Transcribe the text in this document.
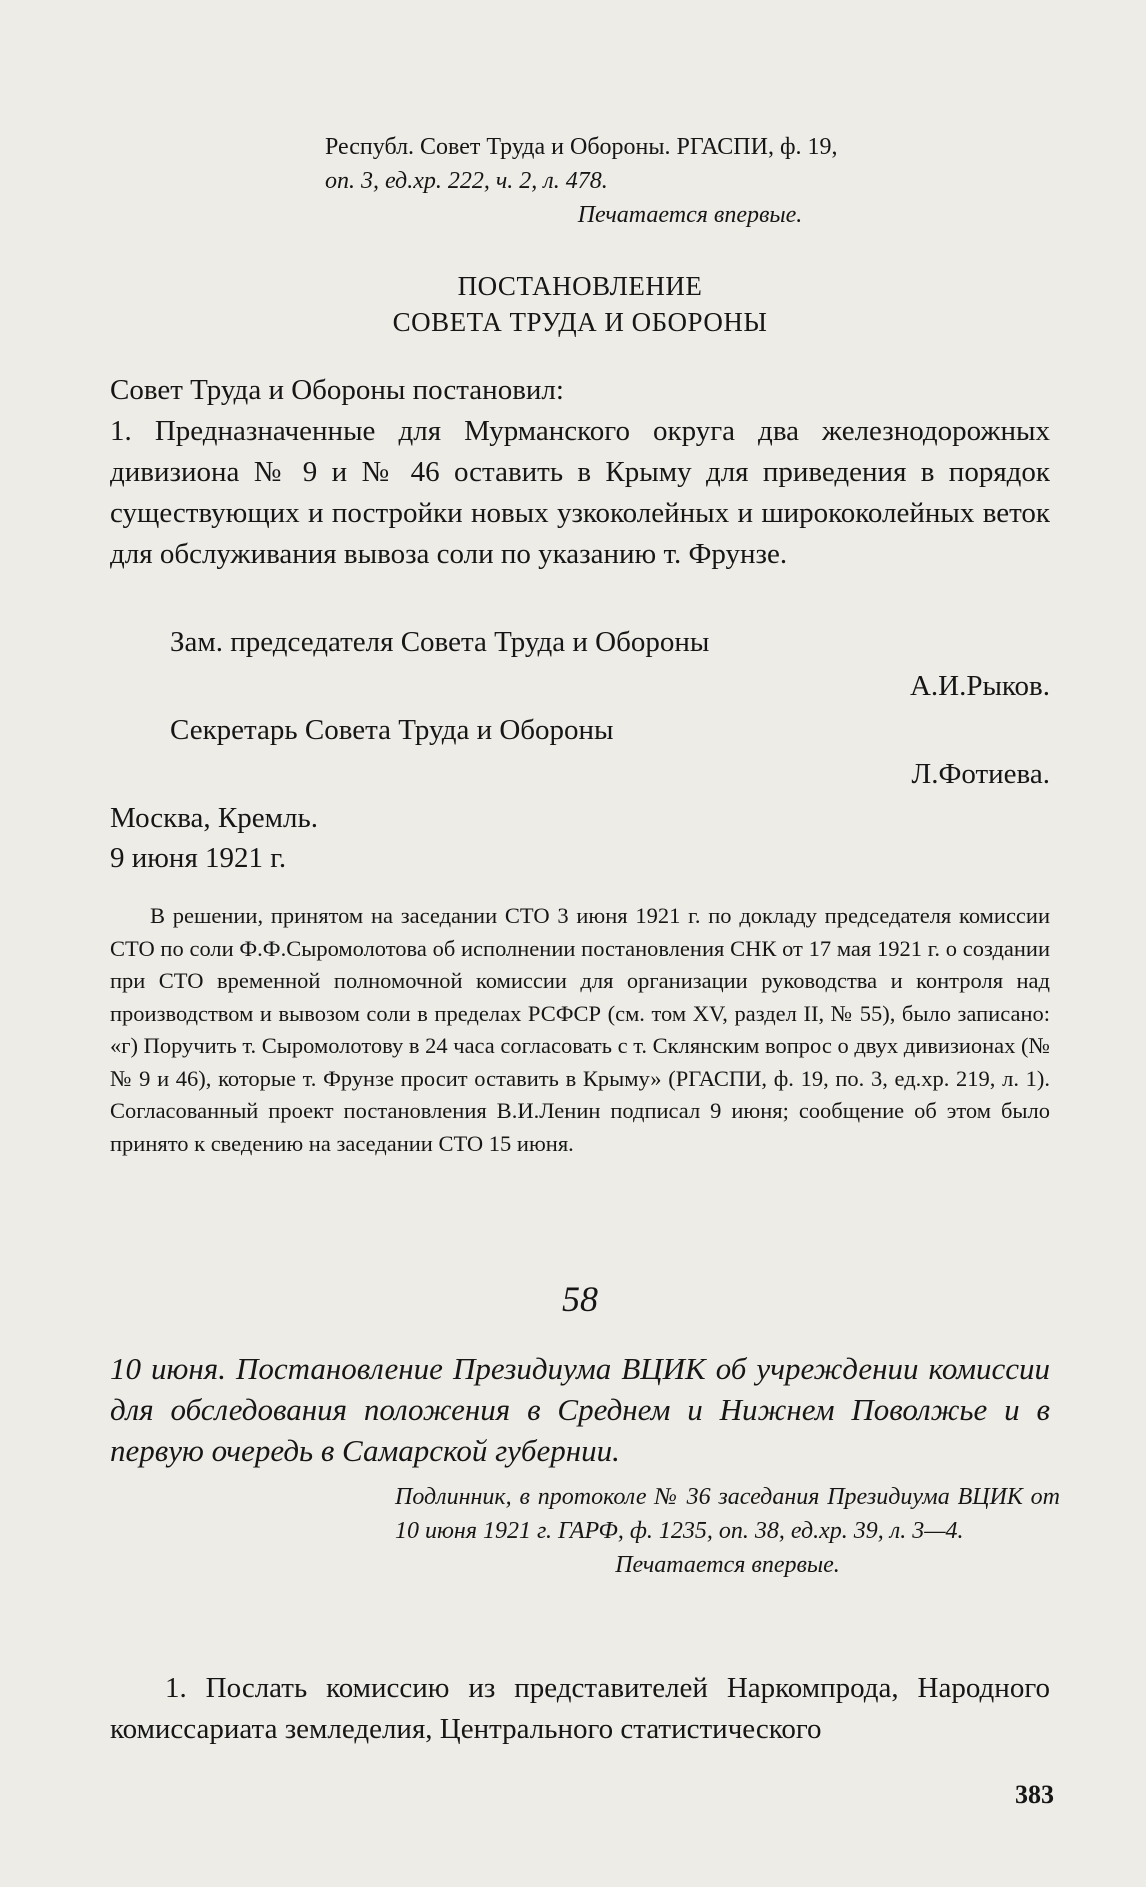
Республ. Совет Труда и Обороны. РГАСПИ, ф. 19,
оп. 3, ед.хр. 222, ч. 2, л. 478.
Печатается впервые.
ПОСТАНОВЛЕНИЕ
СОВЕТА ТРУДА И ОБОРОНЫ
Совет Труда и Обороны постановил:
1. Предназначенные для Мурманского округа два железнодорожных дивизиона № 9 и № 46 оставить в Крыму для приведения в порядок существующих и постройки новых узкоколейных и ширококолейных веток для обслуживания вывоза соли по указанию т. Фрунзе.
Зам. председателя Совета Труда и Обороны
А.И.Рыков.
Секретарь Совета Труда и Обороны
Л.Фотиева.
Москва, Кремль.
9 июня 1921 г.
В решении, принятом на заседании СТО 3 июня 1921 г. по докладу председателя комиссии СТО по соли Ф.Ф.Сыромолотова об исполнении постановления СНК от 17 мая 1921 г. о создании при СТО временной полномочной комиссии для организации руководства и контроля над производством и вывозом соли в пределах РСФСР (см. том XV, раздел II, № 55), было записано: «г) Поручить т. Сыромолотову в 24 часа согласовать с т. Склянским вопрос о двух дивизионах (№№ 9 и 46), которые т. Фрунзе просит оставить в Крыму» (РГАСПИ, ф. 19, по. 3, ед.хр. 219, л. 1). Согласованный проект постановления В.И.Ленин подписал 9 июня; сообщение об этом было принято к сведению на заседании СТО 15 июня.
58
10 июня. Постановление Президиума ВЦИК об учреждении комиссии для обследования положения в Среднем и Нижнем Поволжье и в первую очередь в Самарской губернии.
Подлинник, в протоколе № 36 заседания Президиума ВЦИК от 10 июня 1921 г. ГАРФ, ф. 1235, оп. 38, ед.хр. 39, л. 3—4.
Печатается впервые.
1. Послать комиссию из представителей Наркомпрода, Народного комиссариата земледелия, Центрального статистического
383
